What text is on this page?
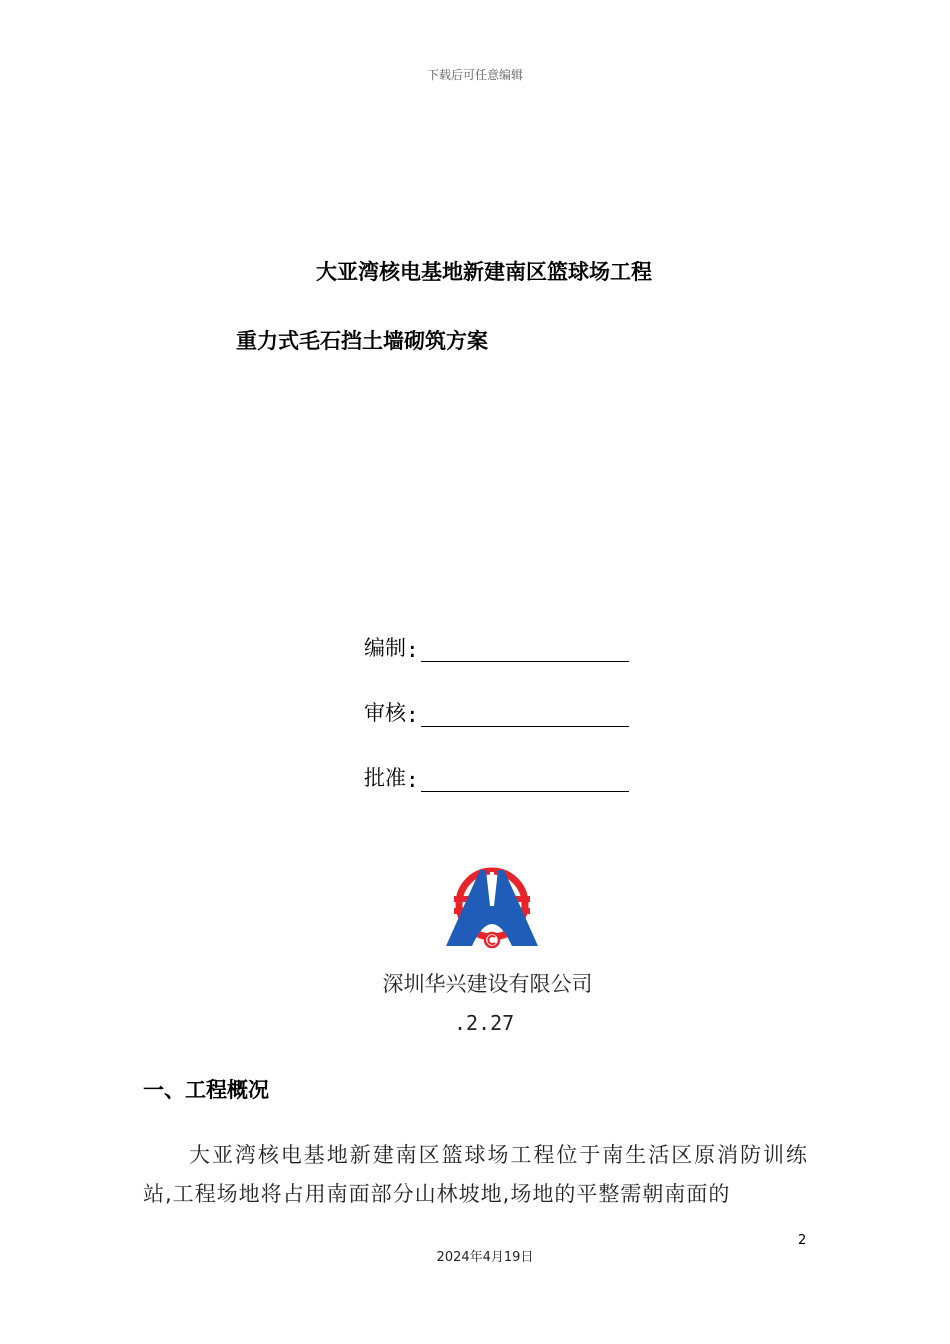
下载后可任意编辑
大亚湾核电基地新建南区篮球场工程
重力式毛石挡土墙砌筑方案
编制 :
审核 :
批准 :
深圳华兴建设有限公司
.2.27
一、工程概况
大亚湾核电基地新建南区篮球场工程位于南生活区原消防训练站,工程场地将占用南面部分山林坡地,场地的平整需朝南面的
2
2024年4月19日
